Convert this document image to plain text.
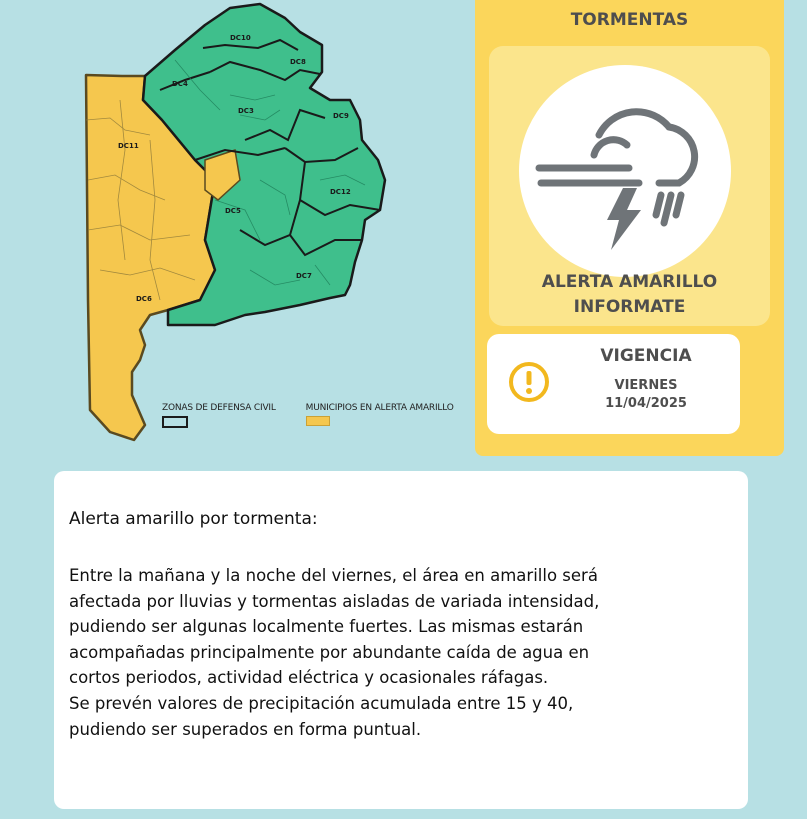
DC10
DC8
DC4
DC3
DC9
DC11
DC12
DC5
DC7
DC6
ZONAS DE DEFENSA CIVIL	MUNICIPIOS EN ALERTA AMARILLO
TORMENTAS
ALERTA AMARILLO
INFORMATE
VIGENCIA
VIERNES
11/04/2025
Alerta amarillo por tormenta:
Entre la mañana y la noche del viernes, el área en amarillo será
afectada por lluvias y tormentas aisladas de variada intensidad,
pudiendo ser algunas localmente fuertes. Las mismas estarán
acompañadas principalmente por abundante caída de agua en
cortos periodos, actividad eléctrica y ocasionales ráfagas.
Se prevén valores de precipitación acumulada entre 15 y 40,
pudiendo ser superados en forma puntual.
